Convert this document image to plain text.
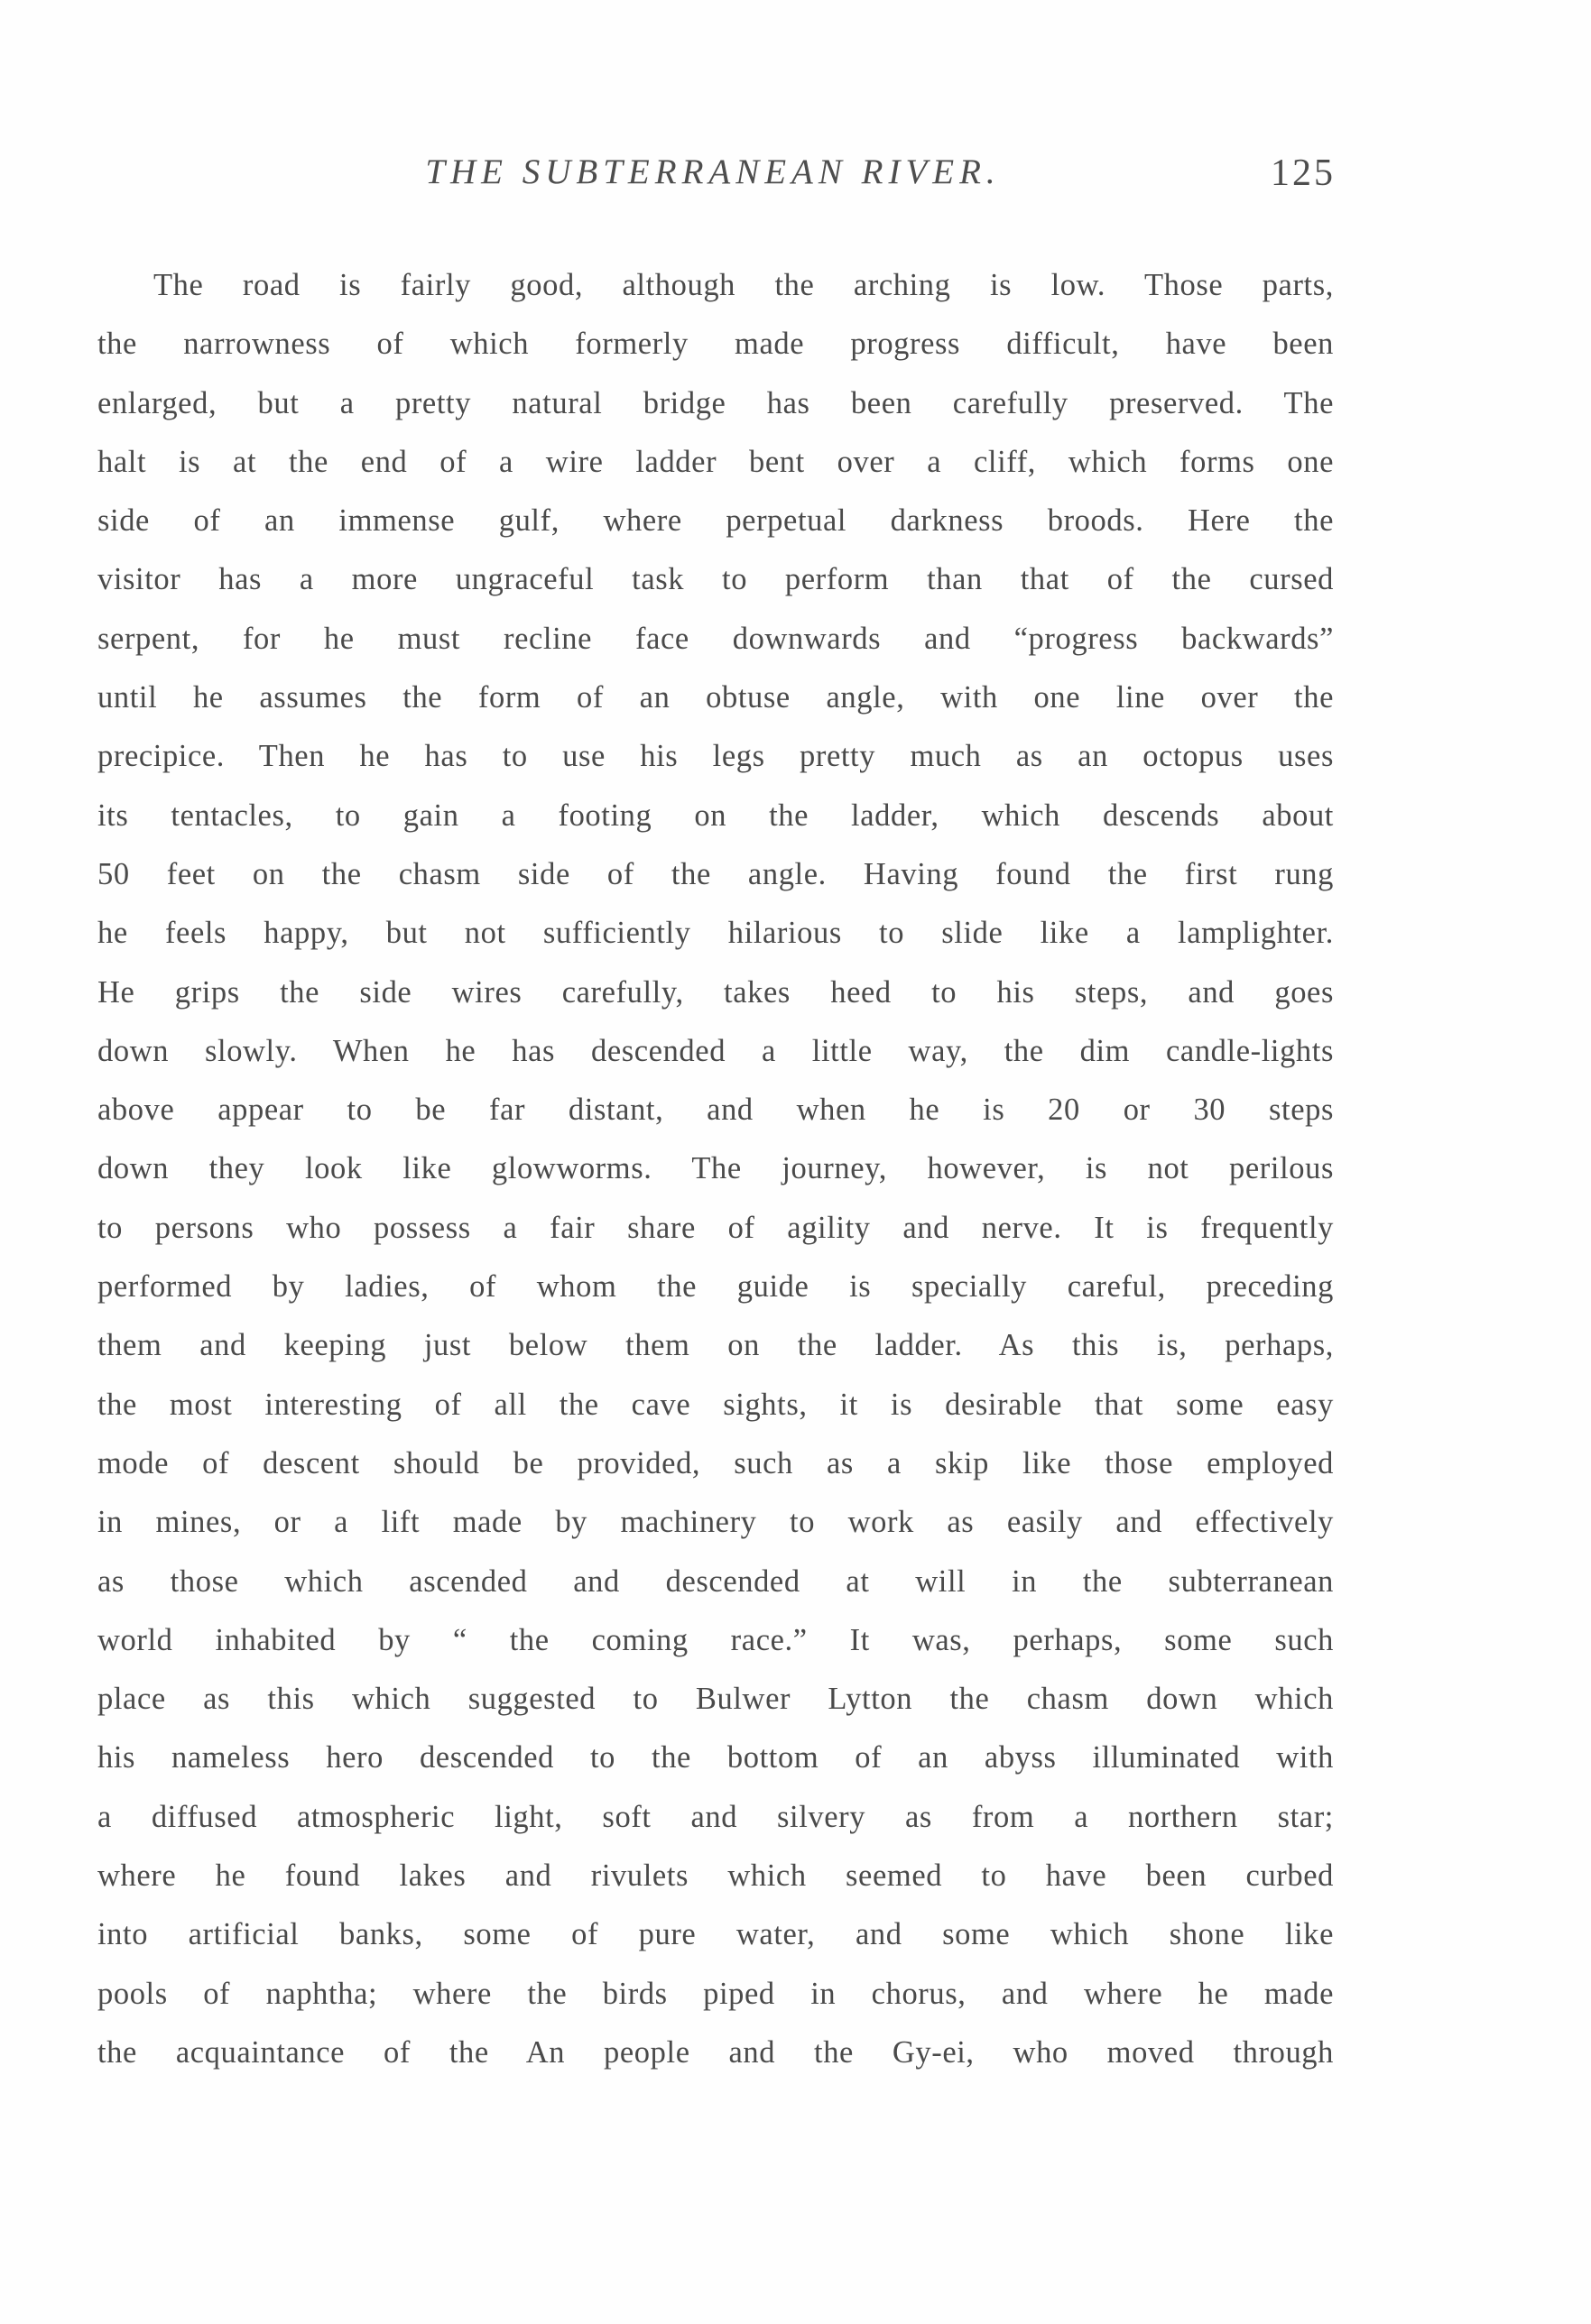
THE SUBTERRANEAN RIVER.	125
The road is fairly good, although the arching is low. Those parts,
the narrowness of which formerly made progress difficult, have been
enlarged, but a pretty natural bridge has been carefully preserved. The
halt is at the end of a wire ladder bent over a cliff, which forms one
side of an immense gulf, where perpetual darkness broods. Here the
visitor has a more ungraceful task to perform than that of the cursed
serpent, for he must recline face downwards and “progress backwards”
until he assumes the form of an obtuse angle, with one line over the
precipice. Then he has to use his legs pretty much as an octopus uses
its tentacles, to gain a footing on the ladder, which descends about
50 feet on the chasm side of the angle. Having found the first rung
he feels happy, but not sufficiently hilarious to slide like a lamplighter.
He grips the side wires carefully, takes heed to his steps, and goes
down slowly. When he has descended a little way, the dim candle-lights
above appear to be far distant, and when he is 20 or 30 steps
down they look like glowworms. The journey, however, is not perilous
to persons who possess a fair share of agility and nerve. It is frequently
performed by ladies, of whom the guide is specially careful, preceding
them and keeping just below them on the ladder. As this is, perhaps,
the most interesting of all the cave sights, it is desirable that some easy
mode of descent should be provided, such as a skip like those employed
in mines, or a lift made by machinery to work as easily and effectively
as those which ascended and descended at will in the subterranean
world inhabited by “ the coming race.” It was, perhaps, some such
place as this which suggested to Bulwer Lytton the chasm down which
his nameless hero descended to the bottom of an abyss illuminated with
a diffused atmospheric light, soft and silvery as from a northern star;
where he found lakes and rivulets which seemed to have been curbed
into artificial banks, some of pure water, and some which shone like
pools of naphtha; where the birds piped in chorus, and where he made
the acquaintance of the An people and the Gy-ei, who moved through
